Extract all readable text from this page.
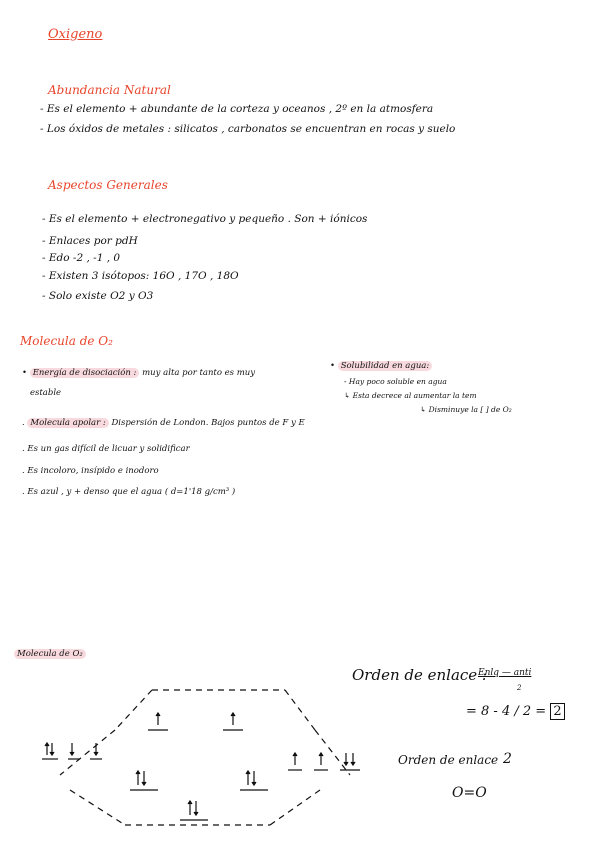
Oxigeno
Abundancia Natural
- Es el elemento + abundante de la corteza y oceanos , 2º en la atmosfera
- Los óxidos de metales : silicatos , carbonatos se encuentran en rocas y suelo
Aspectos Generales
- Es el elemento + electronegativo y pequeño . Son + iónicos
- Enlaces por pdH
- Edo -2 , -1 , 0
- Existen 3 isótopos: 16O , 17O , 18O
- Solo existe O2 y O3
Molecula de O₂
• Energía de disociación : muy alta por tanto es muy
estable
. Molecula apolar : Dispersión de London. Bajos puntos de F y E
. Es un gas difícil de licuar y solidificar
. Es incoloro, insípido e inodoro
. Es azul , y + denso que el agua ( d=1'18 g/cm³ )
• Solubilidad en agua:
- Hay poco soluble en agua
↳ Esta decrece al aumentar la tem
↳ Disminuye la [ ] de O₂
Molecula de O₂
Orden de enlace :
Enlq — anti
2
= 8 - 4 / 2 = 2
Orden de enlace 2
O=O
